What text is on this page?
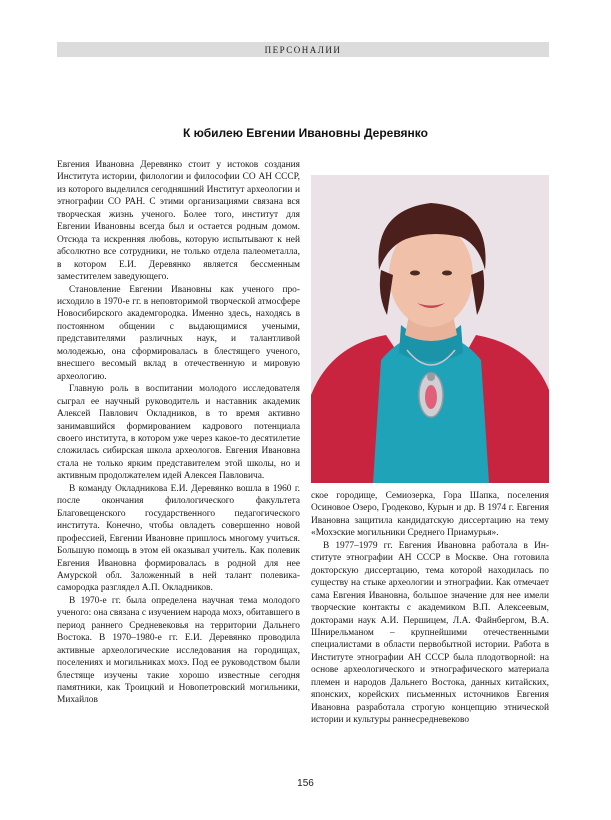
ПЕРСОНАЛИИ
К юбилею Евгении Ивановны Деревянко

Евгения Ивановна Деревянко стоит у истоков создания Института истории, филологии и философии СО АН СССР, из которого выделился сегодняшний Институт археологии и этнографии СО РАН. С этими организациями связана вся творческая жизнь ученого. Более того, институт для Евгении Ивановны всегда был и остается родным домом. Отсюда та искренняя любовь, которую испытывают к ней абсолютно все сотрудники, не только отдела палеометалла, в котором Е.И. Деревянко является бессменным заместителем заведующего.

Становление Евгении Ивановны как ученого происходило в 1970-е гг. в неповторимой творческой атмосфере Новосибирского академгородка. Именно здесь, находясь в постоянном общении с выдающимися учеными, представителями различных наук, и талантливой молодежью, она сформировалась в блестящего ученого, внесшего весомый вклад в отечественную и мировую археологию.

Главную роль в воспитании молодого исследователя сыграл ее научный руководитель и наставник академик Алексей Павлович Окладников, в то время активно занимавшийся формированием кадрового потенциала своего института, в котором уже через какое-то десятилетие сложилась сибирская школа археологов. Евгения Ивановна стала не только ярким представителем этой школы, но и активным продолжателем идей Алексея Павловича.

В команду Окладникова Е.И. Деревянко вошла в 1960 г. после окончания филологического факультета Благовещенского государственного педагогического института. Конечно, чтобы овладеть совершенно новой профессией, Евгении Ивановне пришлось многому учиться. Большую помощь в этом ей оказывал учитель. Как полевик Евгения Ивановна формировалась в родной для нее Амурской обл. Заложенный в ней талант полевика-самородка разглядел А.П. Окладников.

В 1970-е гг. была определена научная тема молодого ученого: она связана с изучением народа мохэ, обитавшего в период раннего Средневековья на территории Дальнего Востока. В 1970–1980-е гг. Е.И. Деревянко проводила активные археологические исследования на городищах, поселениях и могильниках мохэ. Под ее руководством были блестяще изучены такие хорошо известные сегодня памятники, как Троицкий и Новопетровский могильники, Михайлов

ское городище, Семиозерка, Гора Шапка, поселения Осиновое Озеро, Гродеково, Курын и др. В 1974 г. Евгения Ивановна защитила кандидатскую диссертацию на тему «Мохэские могильники Среднего Приамурья».

В 1977–1979 гг. Евгения Ивановна работала в Институте этнографии АН СССР в Москве. Она готовила докторскую диссертацию, тема которой находилась по существу на стыке археологии и этнографии. Как отмечает сама Евгения Ивановна, большое значение для нее имели творческие контакты с академиком В.П. Алексеевым, докторами наук А.И. Першицем, Л.А. Файнбергом, В.А. Шнирельманом – крупнейшими отечественными специалистами в области первобытной истории. Работа в Институте этнографии АН СССР была плодотворной: на основе археологического и этнографического материала племен и народов Дальнего Востока, данных китайских, японских, корейских письменных источников Евгения Ивановна разработала строгую концепцию этнической истории и культуры раннесредневеково

156
